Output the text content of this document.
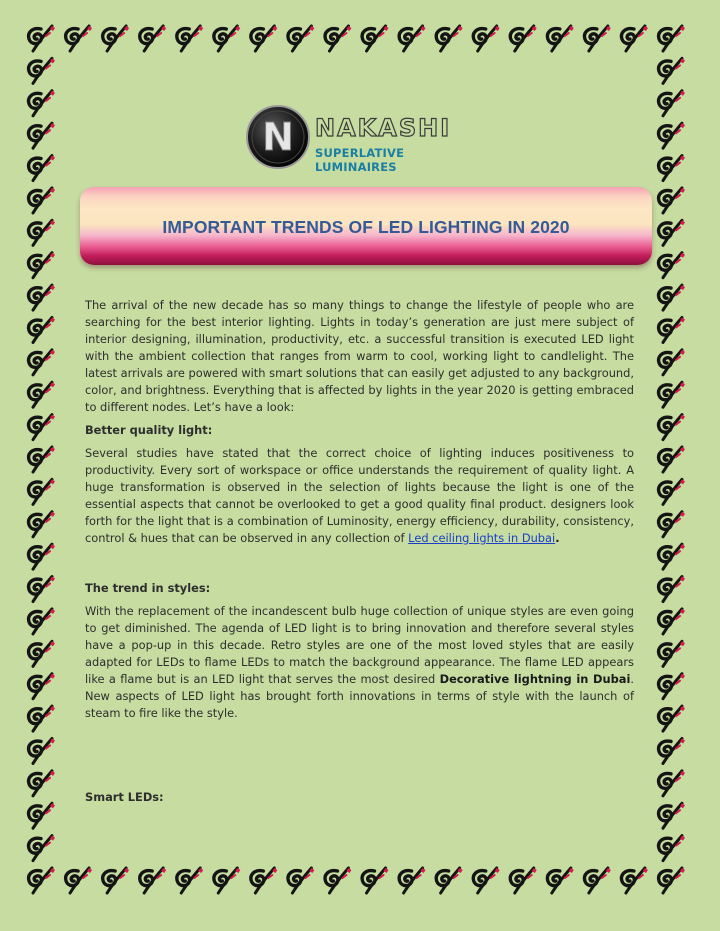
N NAKASHI
SUPERLATIVE LUMINAIRES
IMPORTANT TRENDS OF LED LIGHTING IN 2020

The arrival of the new decade has so many things to change the lifestyle of people who are searching for the best interior lighting. Lights in today’s generation are just mere subject of interior designing, illumination, productivity, etc. a successful transition is executed LED light with the ambient collection that ranges from warm to cool, working light to candlelight. The latest arrivals are powered with smart solutions that can easily get adjusted to any background, color, and brightness. Everything that is affected by lights in the year 2020 is getting embraced to different nodes. Let’s have a look:

Better quality light:

Several studies have stated that the correct choice of lighting induces positiveness to productivity. Every sort of workspace or office understands the requirement of quality light. A huge transformation is observed in the selection of lights because the light is one of the essential aspects that cannot be overlooked to get a good quality final product. designers look forth for the light that is a combination of Luminosity, energy efficiency, durability, consistency, control & hues that can be observed in any collection of Led ceiling lights in Dubai.

The trend in styles:

With the replacement of the incandescent bulb huge collection of unique styles are even going to get diminished. The agenda of LED light is to bring innovation and therefore several styles have a pop-up in this decade. Retro styles are one of the most loved styles that are easily adapted for LEDs to flame LEDs to match the background appearance. The flame LED appears like a flame but is an LED light that serves the most desired Decorative lightning in Dubai. New aspects of LED light has brought forth innovations in terms of style with the launch of steam to fire like the style.

Smart LEDs:
